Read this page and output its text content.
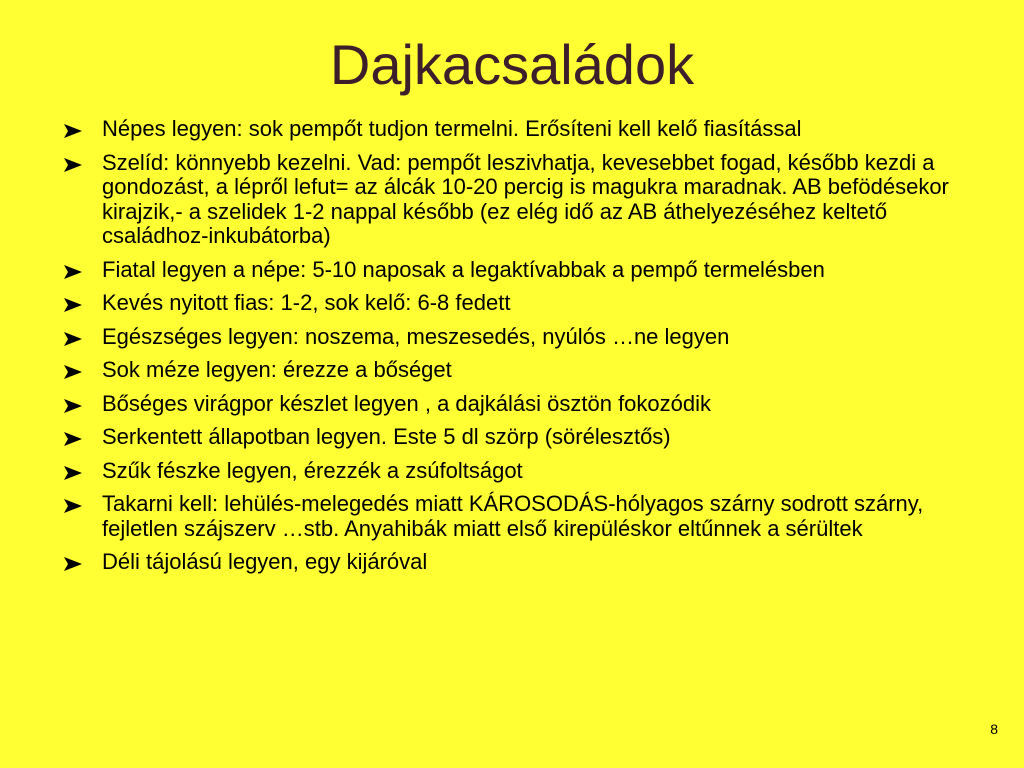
Dajkacsaládok
Népes legyen: sok pempőt tudjon termelni. Erősíteni kell kelő fiasítással
Szelíd: könnyebb kezelni. Vad: pempőt leszivhatja, kevesebbet fogad, később kezdi a gondozást, a lépről lefut= az álcák 10-20 percig is magukra maradnak. AB befödésekor kirajzik,- a szelidek 1-2 nappal később (ez elég idő az AB áthelyezéséhez keltető családhoz-inkubátorba)
Fiatal legyen a népe: 5-10 naposak a legaktívabbak a pempő termelésben
Kevés nyitott fias: 1-2, sok kelő: 6-8 fedett
Egészséges legyen: noszema, meszesedés, nyúlós …ne legyen
Sok méze legyen: érezze a bőséget
Bőséges virágpor készlet legyen , a dajkálási ösztön fokozódik
Serkentett állapotban legyen. Este 5 dl szörp (sörélesztős)
Szűk fészke legyen, érezzék a zsúfoltságot
Takarni kell: lehülés-melegedés miatt KÁROSODÁS-hólyagos szárny sodrott szárny, fejletlen szájszerv …stb. Anyahibák miatt első kirepüléskor eltűnnek a sérültek
Déli tájolású legyen, egy kijáróval
8
